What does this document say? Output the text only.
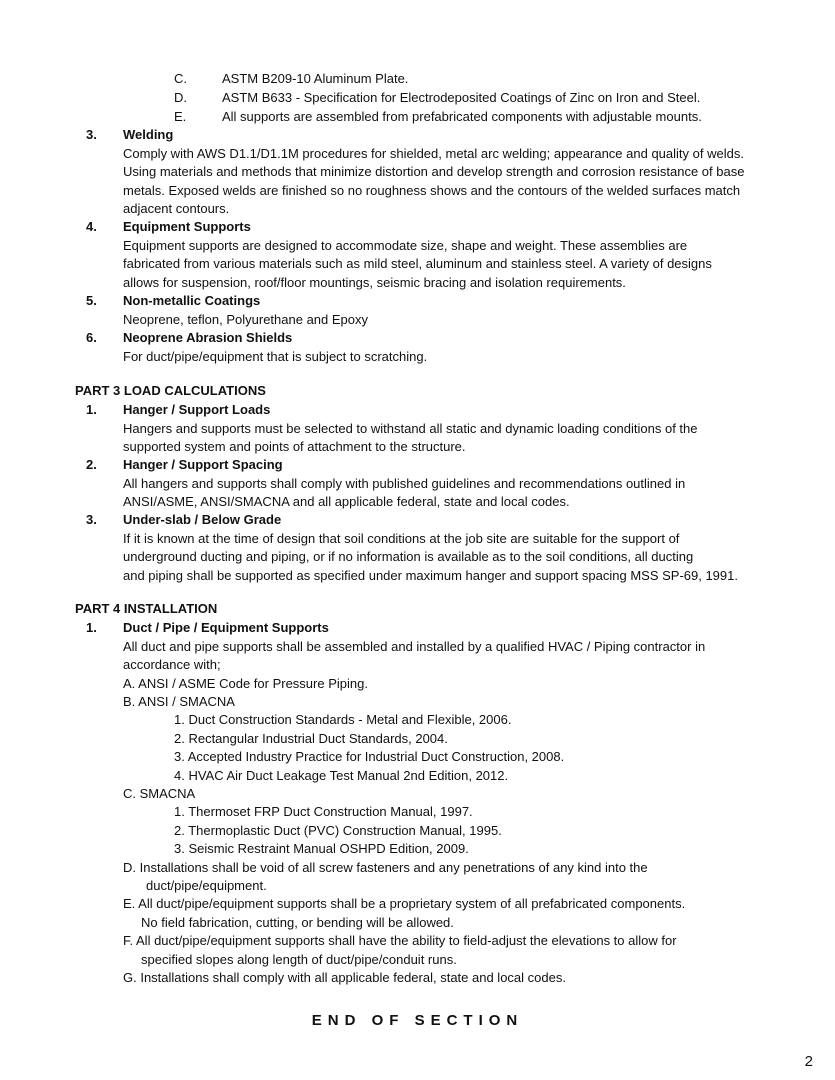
C.	ASTM B209-10 Aluminum Plate.
D.	ASTM B633 - Specification for Electrodeposited Coatings of Zinc on Iron and Steel.
E.	All supports are assembled from prefabricated components with adjustable mounts.
3. Welding
Comply with AWS D1.1/D1.1M procedures for shielded, metal arc welding; appearance and quality of welds.
Using materials and methods that minimize distortion and develop strength and corrosion resistance of base
metals. Exposed welds are finished so no roughness shows and the contours of the welded surfaces match
adjacent contours.
4. Equipment Supports
Equipment supports are designed to accommodate size, shape and weight. These assemblies are
fabricated from various materials such as mild steel, aluminum and stainless steel. A variety of designs
allows for suspension, roof/floor mountings, seismic bracing and isolation requirements.
5. Non-metallic Coatings
Neoprene, teflon, Polyurethane and Epoxy
6. Neoprene Abrasion Shields
For duct/pipe/equipment that is subject to scratching.
PART 3 LOAD CALCULATIONS
1. Hanger / Support Loads
Hangers and supports must be selected to withstand all static and dynamic loading conditions of the
supported system and points of attachment to the structure.
2. Hanger / Support Spacing
All hangers and supports shall comply with published guidelines and recommendations outlined in
ANSI/ASME, ANSI/SMACNA and all applicable federal, state and local codes.
3. Under-slab / Below Grade
If it is known at the time of design that soil conditions at the job site are suitable for the support of
underground ducting and piping, or if no information is available as to the soil conditions, all ducting
and piping shall be supported as specified under maximum hanger and support spacing MSS SP-69, 1991.
PART 4 INSTALLATION
1. Duct / Pipe / Equipment Supports
All duct and pipe supports shall be assembled and installed by a qualified HVAC / Piping contractor in
accordance with;
A. ANSI / ASME Code for Pressure Piping.
B. ANSI / SMACNA
1. Duct Construction Standards - Metal and Flexible, 2006.
2. Rectangular Industrial Duct Standards, 2004.
3. Accepted Industry Practice for Industrial Duct Construction, 2008.
4. HVAC Air Duct Leakage Test Manual 2nd Edition, 2012.
C. SMACNA
1. Thermoset FRP Duct Construction Manual, 1997.
2. Thermoplastic Duct (PVC) Construction Manual, 1995.
3. Seismic Restraint Manual OSHPD Edition, 2009.
D. Installations shall be void of all screw fasteners and any penetrations of any kind into the
duct/pipe/equipment.
E. All duct/pipe/equipment supports shall be a proprietary system of all prefabricated components.
No field fabrication, cutting, or bending will be allowed.
F. All duct/pipe/equipment supports shall have the ability to field-adjust the elevations to allow for
specified slopes along length of duct/pipe/conduit runs.
G. Installations shall comply with all applicable federal, state and local codes.
END OF SECTION
2
